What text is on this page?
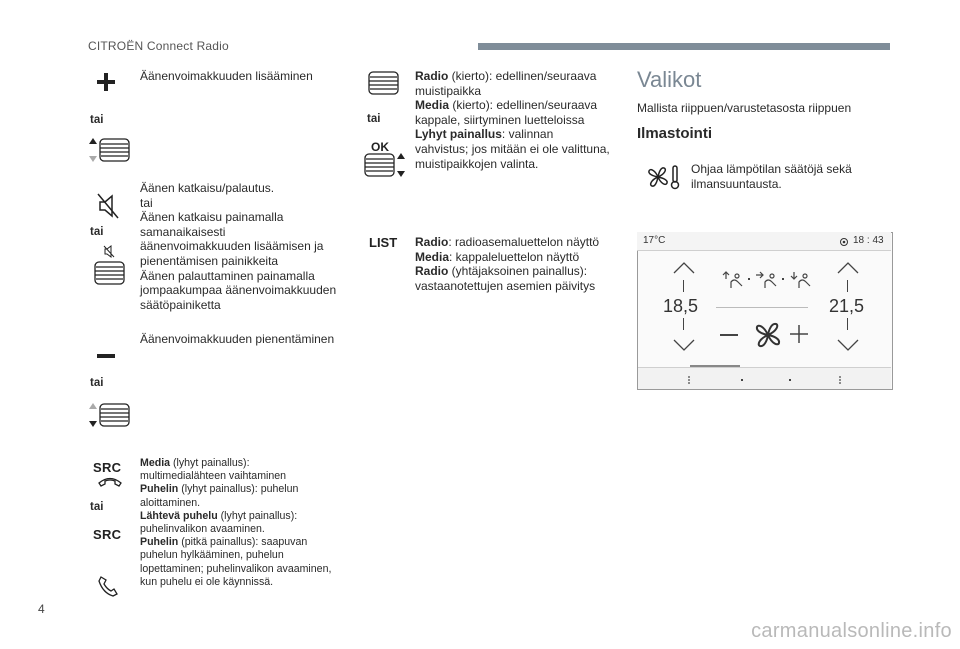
CITROËN Connect Radio
Äänenvoimakkuuden lisääminen
tai
tai
Äänen katkaisu/palautus.
tai
Äänen katkaisu painamalla
samanaikaisesti
äänenvoimakkuuden lisäämisen ja
pienentämisen painikkeita
Äänen palauttaminen painamalla
jompaakumpaa äänenvoimakkuuden
säätöpainiketta
Äänenvoimakkuuden pienentäminen
tai
SRC
tai
SRC
Media (lyhyt painallus):
multimedialähteen vaihtaminen
Puhelin (lyhyt painallus): puhelun
aloittaminen.
Lähtevä puhelu (lyhyt painallus):
puhelinvalikon avaaminen.
Puhelin (pitkä painallus): saapuvan
puhelun hylkääminen, puhelun
lopettaminen; puhelinvalikon avaaminen,
kun puhelu ei ole käynnissä.
tai
OK
Radio (kierto): edellinen/seuraava
muistipaikka
Media (kierto): edellinen/seuraava
kappale, siirtyminen luetteloissa
Lyhyt painallus: valinnan
vahvistus; jos mitään ei ole valittuna,
muistipaikkojen valinta.
LIST Radio: radioasemaluettelon näyttö
Media: kappaleluettelon näyttö
Radio (yhtäjaksoinen painallus):
vastaanotettujen asemien päivitys
Valikot
Mallista riippuen/varustetasosta riippuen
Ilmastointi
Ohjaa lämpötilan säätöjä sekä
ilmansuuntausta.
17°C	18 : 43
18,5	21,5
4
carmanualsonline.info
